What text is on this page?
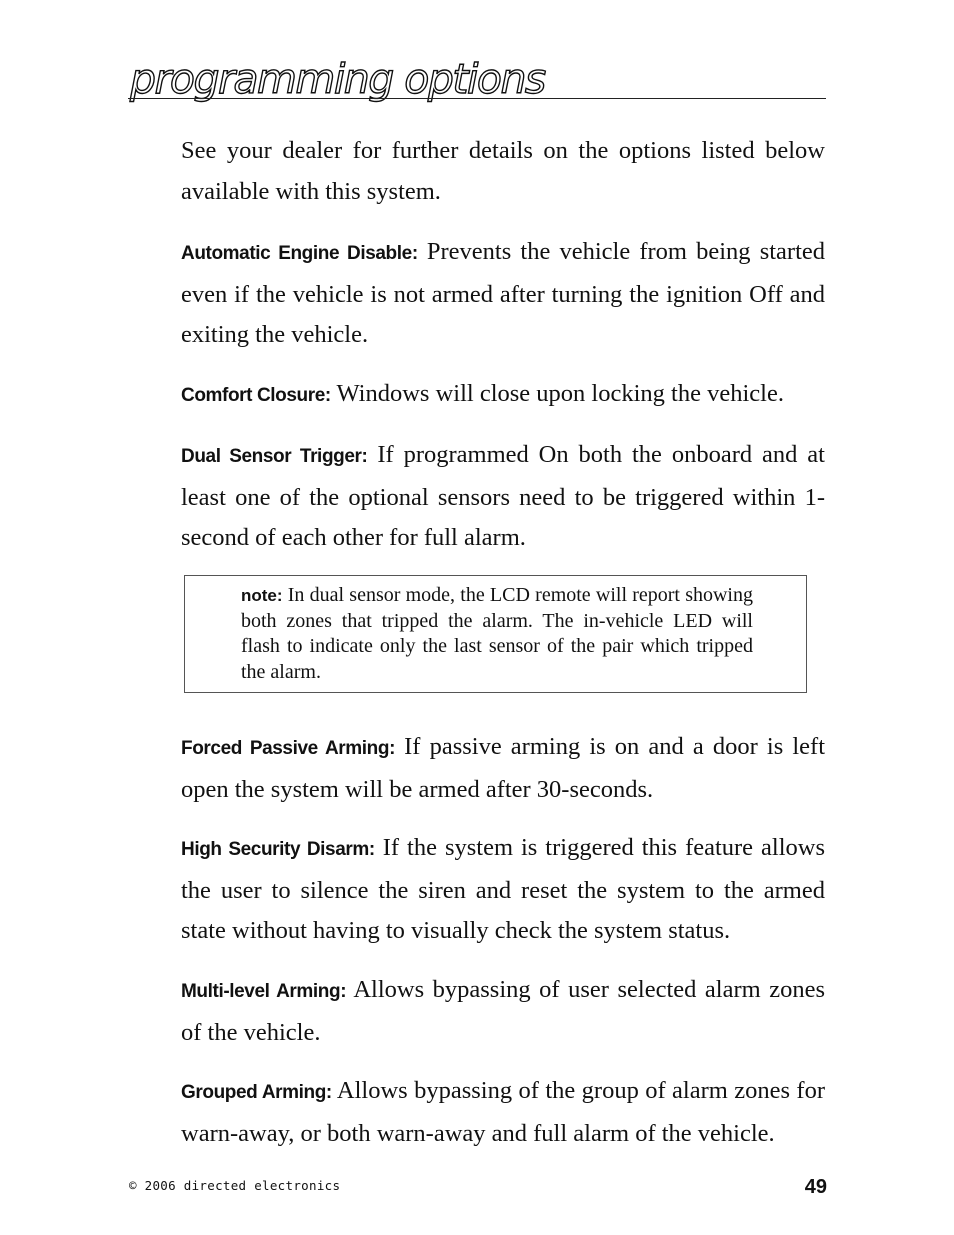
programming options

See your dealer for further details on the options listed below available with this system.

Automatic Engine Disable: Prevents the vehicle from being started even if the vehicle is not armed after turning the ignition Off and exiting the vehicle.

Comfort Closure: Windows will close upon locking the vehicle.

Dual Sensor Trigger: If programmed On both the onboard and at least one of the optional sensors need to be triggered within 1-second of each other for full alarm.

note: In dual sensor mode, the LCD remote will report showing both zones that tripped the alarm. The in-vehicle LED will flash to indicate only the last sensor of the pair which tripped the alarm.

Forced Passive Arming: If passive arming is on and a door is left open the system will be armed after 30-seconds.

High Security Disarm: If the system is triggered this feature allows the user to silence the siren and reset the system to the armed state without having to visually check the system status.

Multi-level Arming: Allows bypassing of user selected alarm zones of the vehicle.

Grouped Arming: Allows bypassing of the group of alarm zones for warn-away, or both warn-away and full alarm of the vehicle.

© 2006 directed electronics	49
